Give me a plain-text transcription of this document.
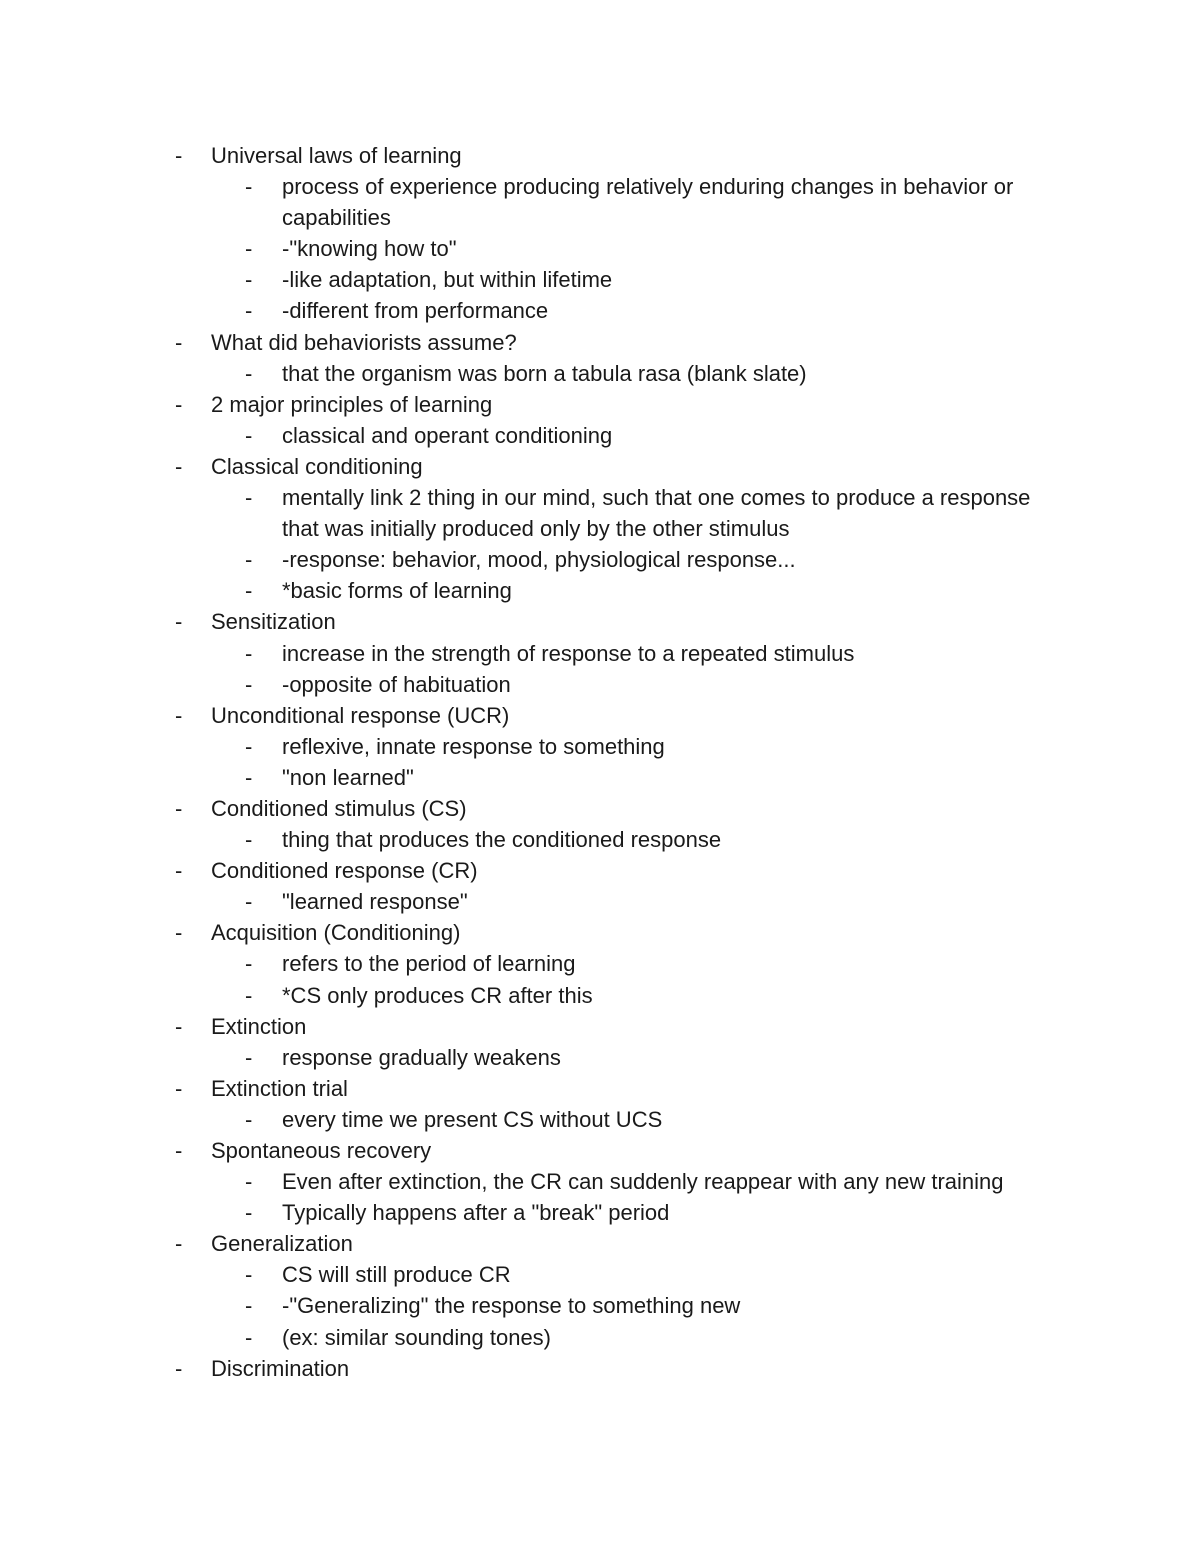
- Universal laws of learning
- process of experience producing relatively enduring changes in behavior or capabilities
- -"knowing how to"
- -like adaptation, but within lifetime
- -different from performance
- What did behaviorists assume?
- that the organism was born a tabula rasa (blank slate)
- 2 major principles of learning
- classical and operant conditioning
- Classical conditioning
- mentally link 2 thing in our mind, such that one comes to produce a response that was initially produced only by the other stimulus
- -response: behavior, mood, physiological response...
- *basic forms of learning
- Sensitization
- increase in the strength of response to a repeated stimulus
- -opposite of habituation
- Unconditional response (UCR)
- reflexive, innate response to something
- "non learned"
- Conditioned stimulus (CS)
- thing that produces the conditioned response
- Conditioned response (CR)
- "learned response"
- Acquisition (Conditioning)
- refers to the period of learning
- *CS only produces CR after this
- Extinction
- response gradually weakens
- Extinction trial
- every time we present CS without UCS
- Spontaneous recovery
- Even after extinction, the CR can suddenly reappear with any new training
- Typically happens after a "break" period
- Generalization
- CS will still produce CR
- -"Generalizing" the response to something new
- (ex: similar sounding tones)
- Discrimination
